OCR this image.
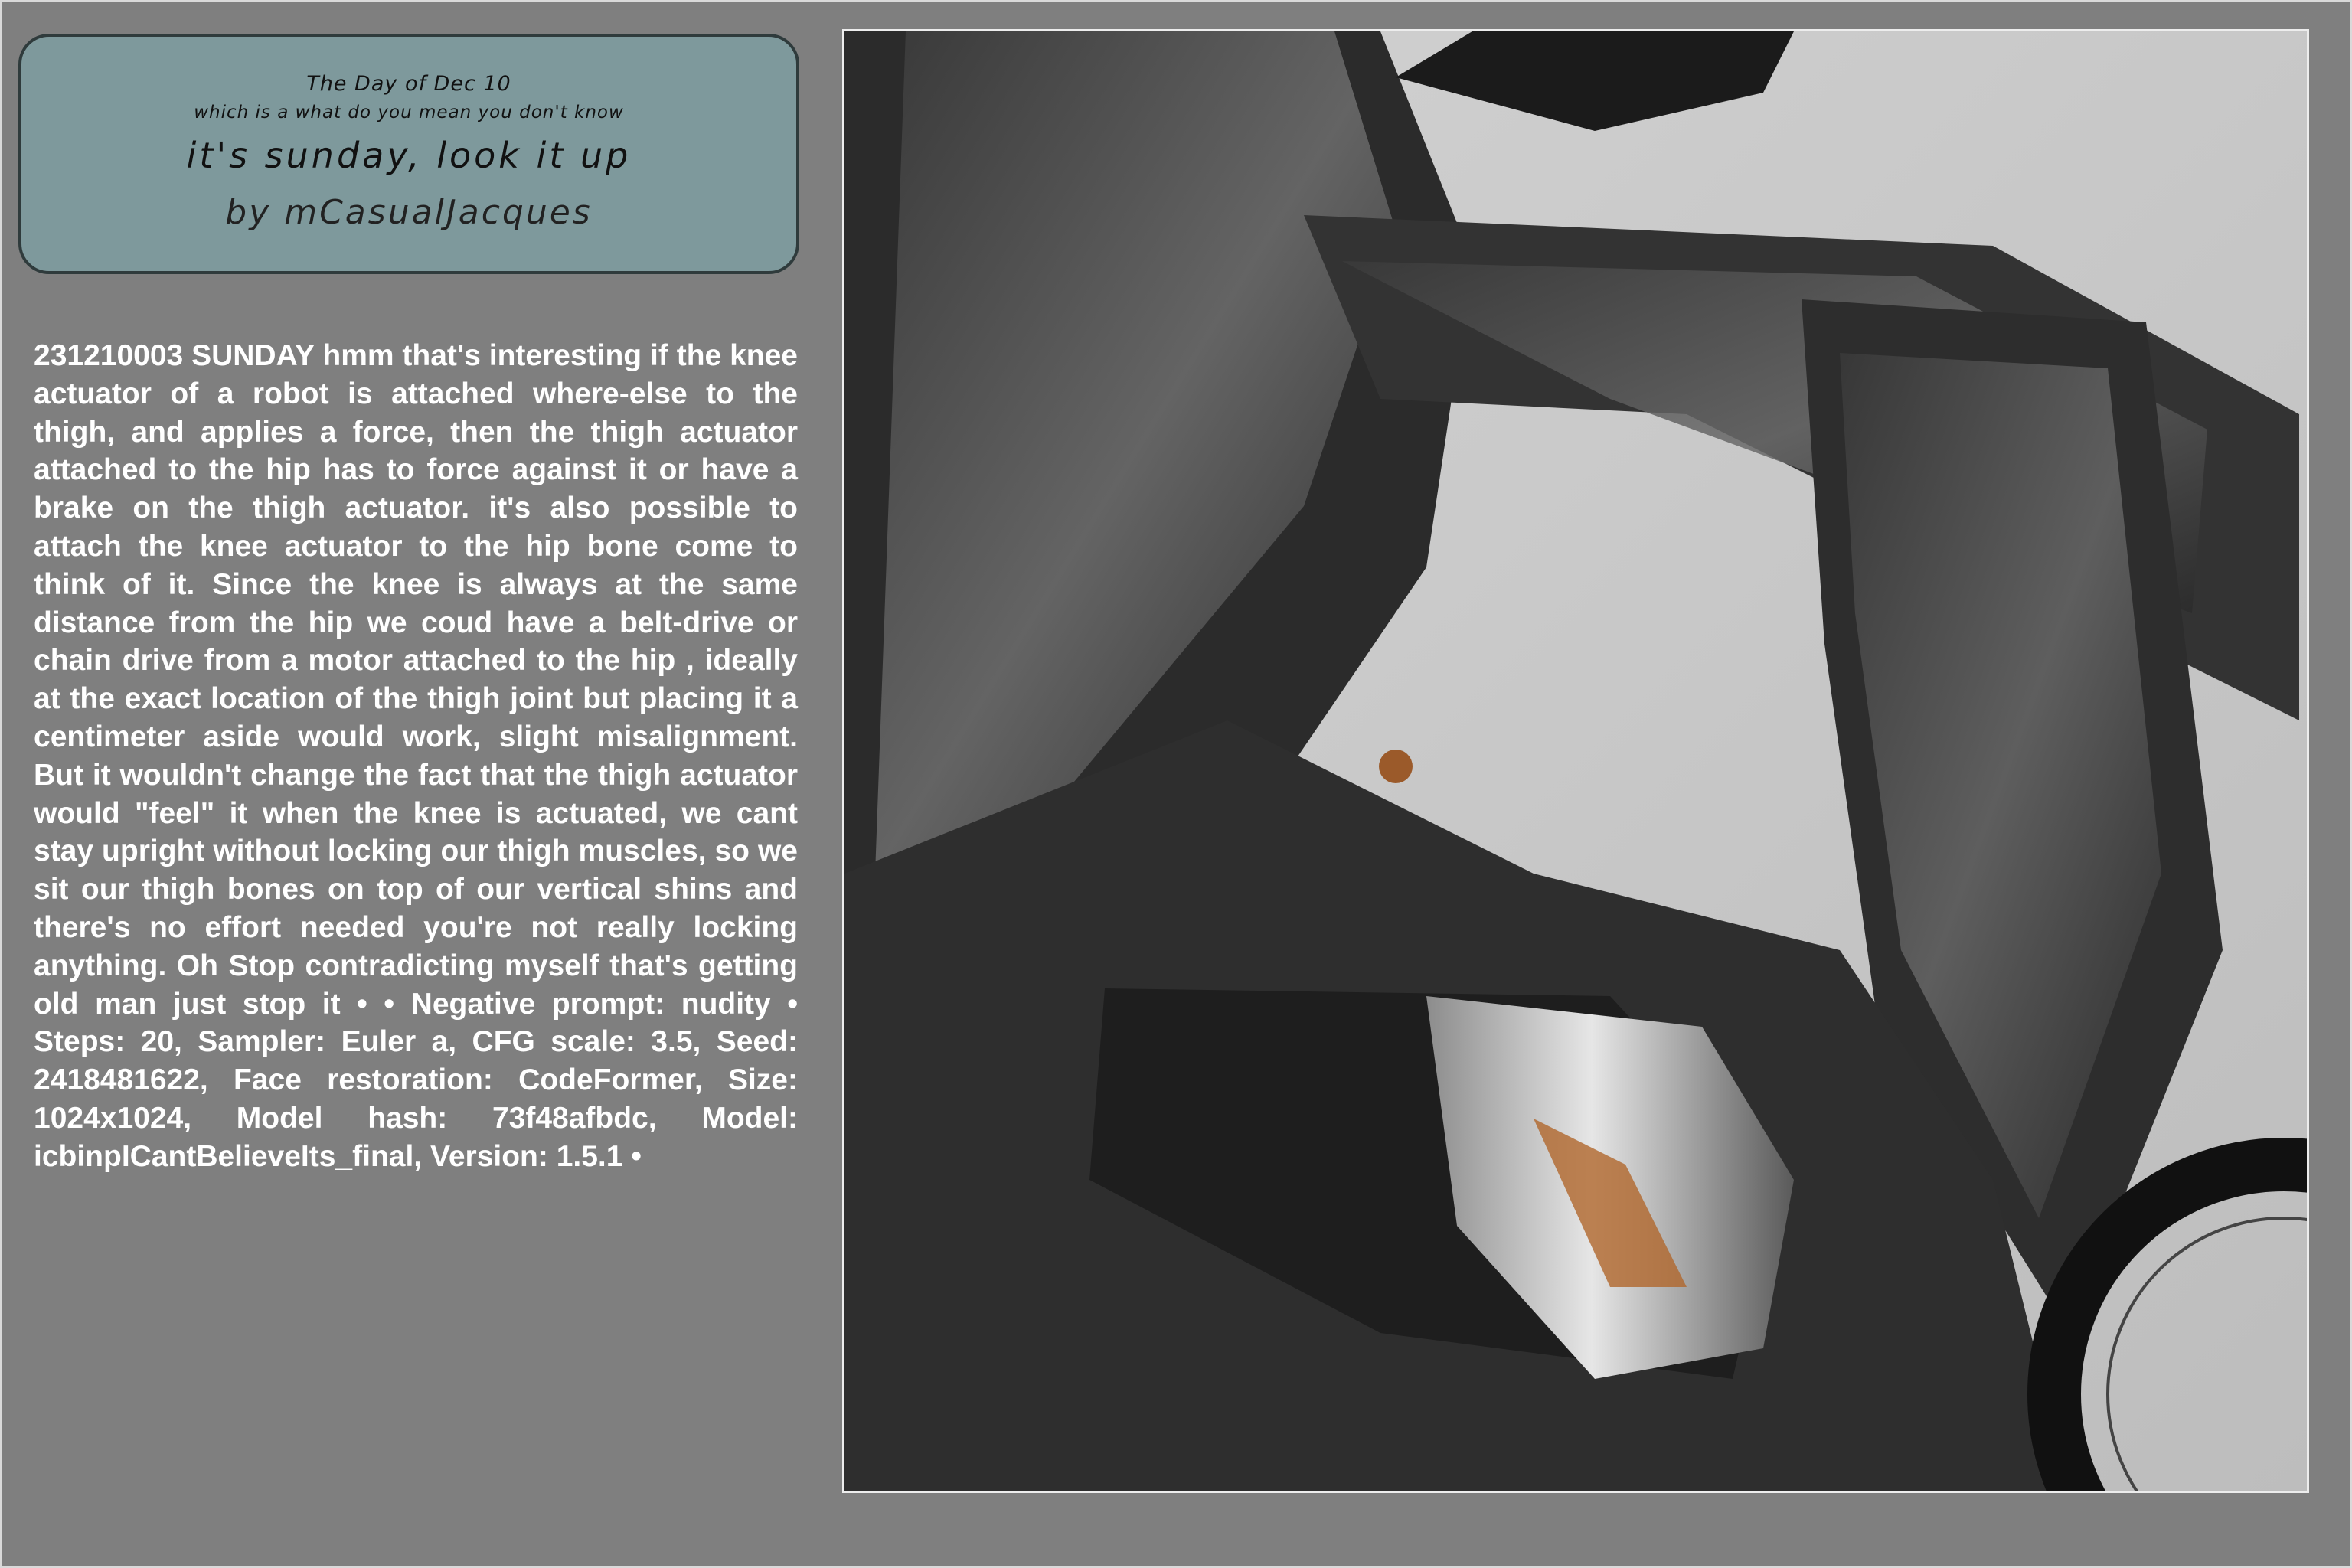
The Day of Dec 10
which is a what do you mean you don't know
it's sunday, look it up
by mCasualJacques
231210003 SUNDAY hmm that's interesting if the knee actuator of a robot is attached where-else to the thigh, and applies a force, then the thigh actuator attached to the hip has to force against it or have a brake on the thigh actuator. it's also possible to attach the knee actuator to the hip bone come to think of it. Since the knee is always at the same distance from the hip we coud have a belt-drive or chain drive from a motor attached to the hip , ideally at the exact location of the thigh joint but placing it a centimeter aside would work, slight misalignment. But it wouldn't change the fact that the thigh actuator would "feel" it when the knee is actuated, we cant stay upright without locking our thigh muscles, so we sit our thigh bones on top of our vertical shins and there's no effort needed you're not really locking anything. Oh Stop contradicting myself that's getting old man just stop it • • Negative prompt: nudity • Steps: 20, Sampler: Euler a, CFG scale: 3.5, Seed: 2418481622, Face restoration: CodeFormer, Size: 1024x1024, Model hash: 73f48afbdc, Model: icbinpICantBelieveIts_final, Version: 1.5.1 •
